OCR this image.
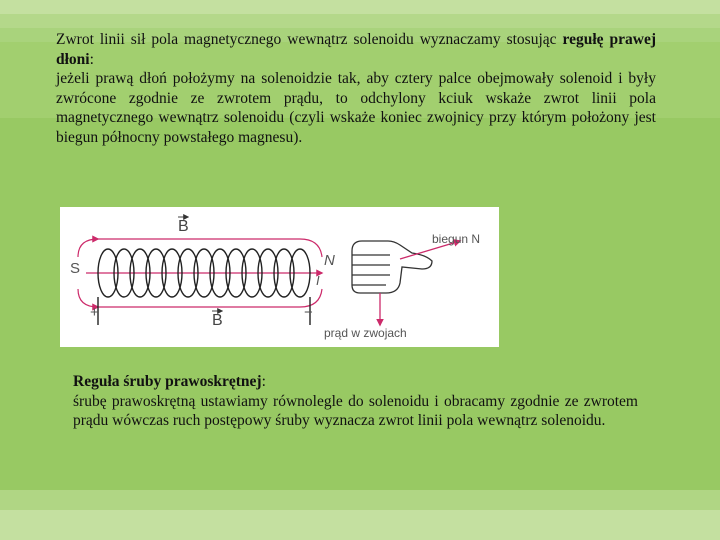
Zwrot linii sił pola magnetycznego wewnątrz solenoidu wyznaczamy stosując regułę prawej dłoni:
jeżeli prawą dłoń położymy na solenoidzie tak, aby cztery palce obejmowały solenoid i były zwrócone zgodnie ze zwrotem prądu, to odchylony kciuk wskaże zwrot linii pola magnetycznego wewnątrz solenoidu (czyli wskaże koniec zwojnicy przy którym położony jest biegun północny powstałego magnesu).

B
B
S	N
I
+	−
biegun N
prąd w zwojach

Reguła śruby prawoskrętnej:
śrubę prawoskrętną ustawiamy równolegle do solenoidu i obracamy zgodnie ze zwrotem prądu wówczas ruch postępowy śruby wyznacza zwrot linii pola wewnątrz solenoidu.
